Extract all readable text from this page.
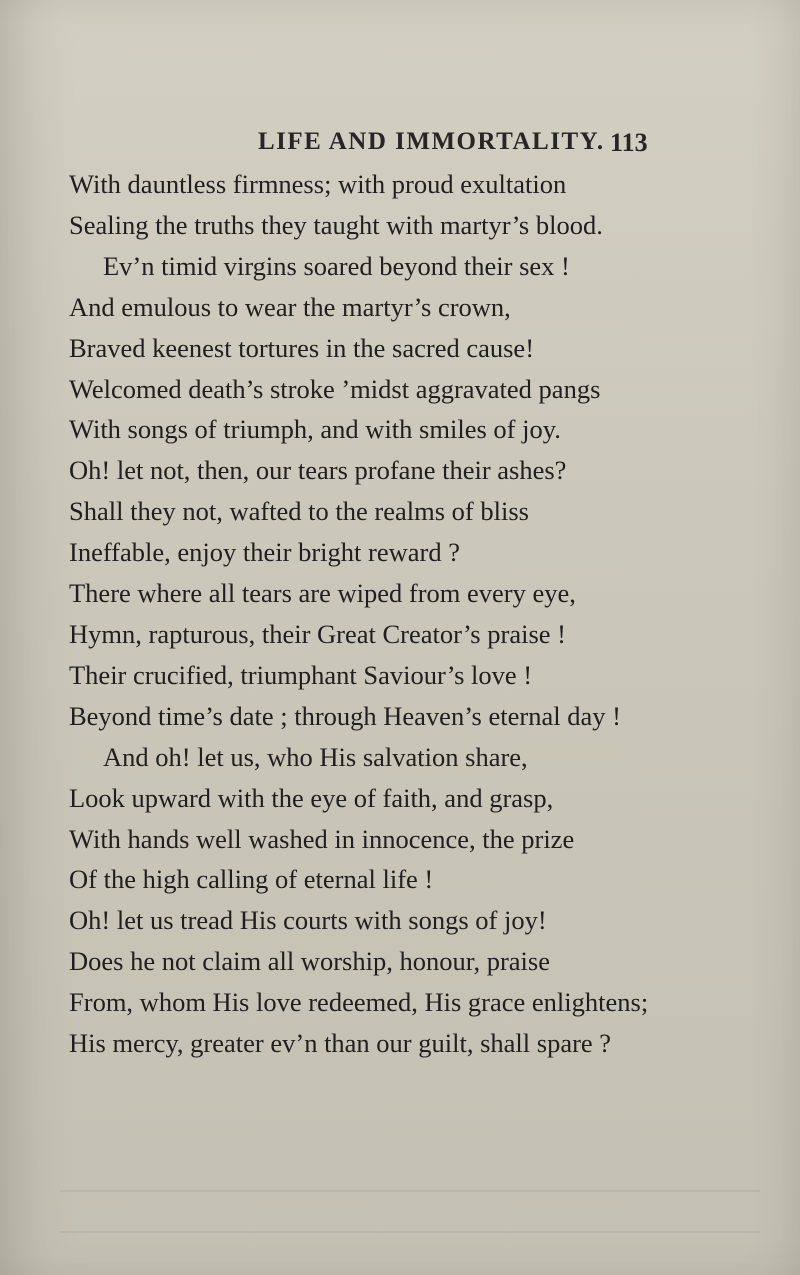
LIFE AND IMMORTALITY. 113
With dauntless firmness; with proud exultation
Sealing the truths they taught with martyr’s blood.
Ev’n timid virgins soared beyond their sex !
And emulous to wear the martyr’s crown,
Braved keenest tortures in the sacred cause!
Welcomed death’s stroke ’midst aggravated pangs
With songs of triumph, and with smiles of joy.
Oh! let not, then, our tears profane their ashes?
Shall they not, wafted to the realms of bliss
Ineffable, enjoy their bright reward ?
There where all tears are wiped from every eye,
Hymn, rapturous, their Great Creator’s praise !
Their crucified, triumphant Saviour’s love !
Beyond time’s date ; through Heaven’s eternal day !
And oh! let us, who His salvation share,
Look upward with the eye of faith, and grasp,
With hands well washed in innocence, the prize
Of the high calling of eternal life !
Oh! let us tread His courts with songs of joy!
Does he not claim all worship, honour, praise
From, whom His love redeemed, His grace enlightens;
His mercy, greater ev’n than our guilt, shall spare ?
